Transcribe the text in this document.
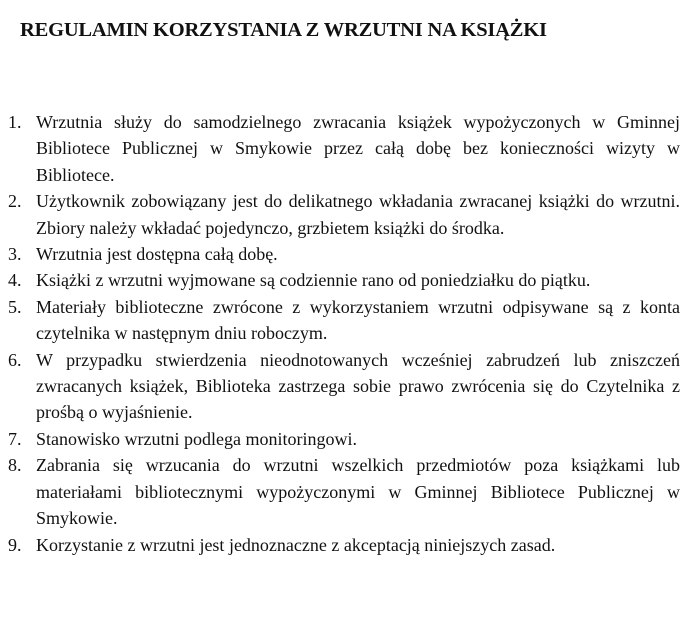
REGULAMIN KORZYSTANIA Z WRZUTNI NA KSIĄŻKI
1. Wrzutnia służy do samodzielnego zwracania książek wypożyczonych w Gminnej Bibliotece Publicznej w Smykowie przez całą dobę bez konieczności wizyty w Bibliotece.
2. Użytkownik zobowiązany jest do delikatnego wkładania zwracanej książki do wrzutni. Zbiory należy wkładać pojedynczo, grzbietem książki do środka.
3. Wrzutnia jest dostępna całą dobę.
4. Książki z wrzutni wyjmowane są codziennie rano od poniedziałku do piątku.
5. Materiały biblioteczne zwrócone z wykorzystaniem wrzutni odpisywane są z konta czytelnika w następnym dniu roboczym.
6. W przypadku stwierdzenia nieodnotowanych wcześniej zabrudzeń lub zniszczeń zwracanych książek, Biblioteka zastrzega sobie prawo zwrócenia się do Czytelnika z prośbą o wyjaśnienie.
7. Stanowisko wrzutni podlega monitoringowi.
8. Zabrania się wrzucania do wrzutni wszelkich przedmiotów poza książkami lub materiałami bibliotecznymi wypożyczonymi w Gminnej Bibliotece Publicznej w Smykowie.
9. Korzystanie z wrzutni jest jednoznaczne z akceptacją niniejszych zasad.
